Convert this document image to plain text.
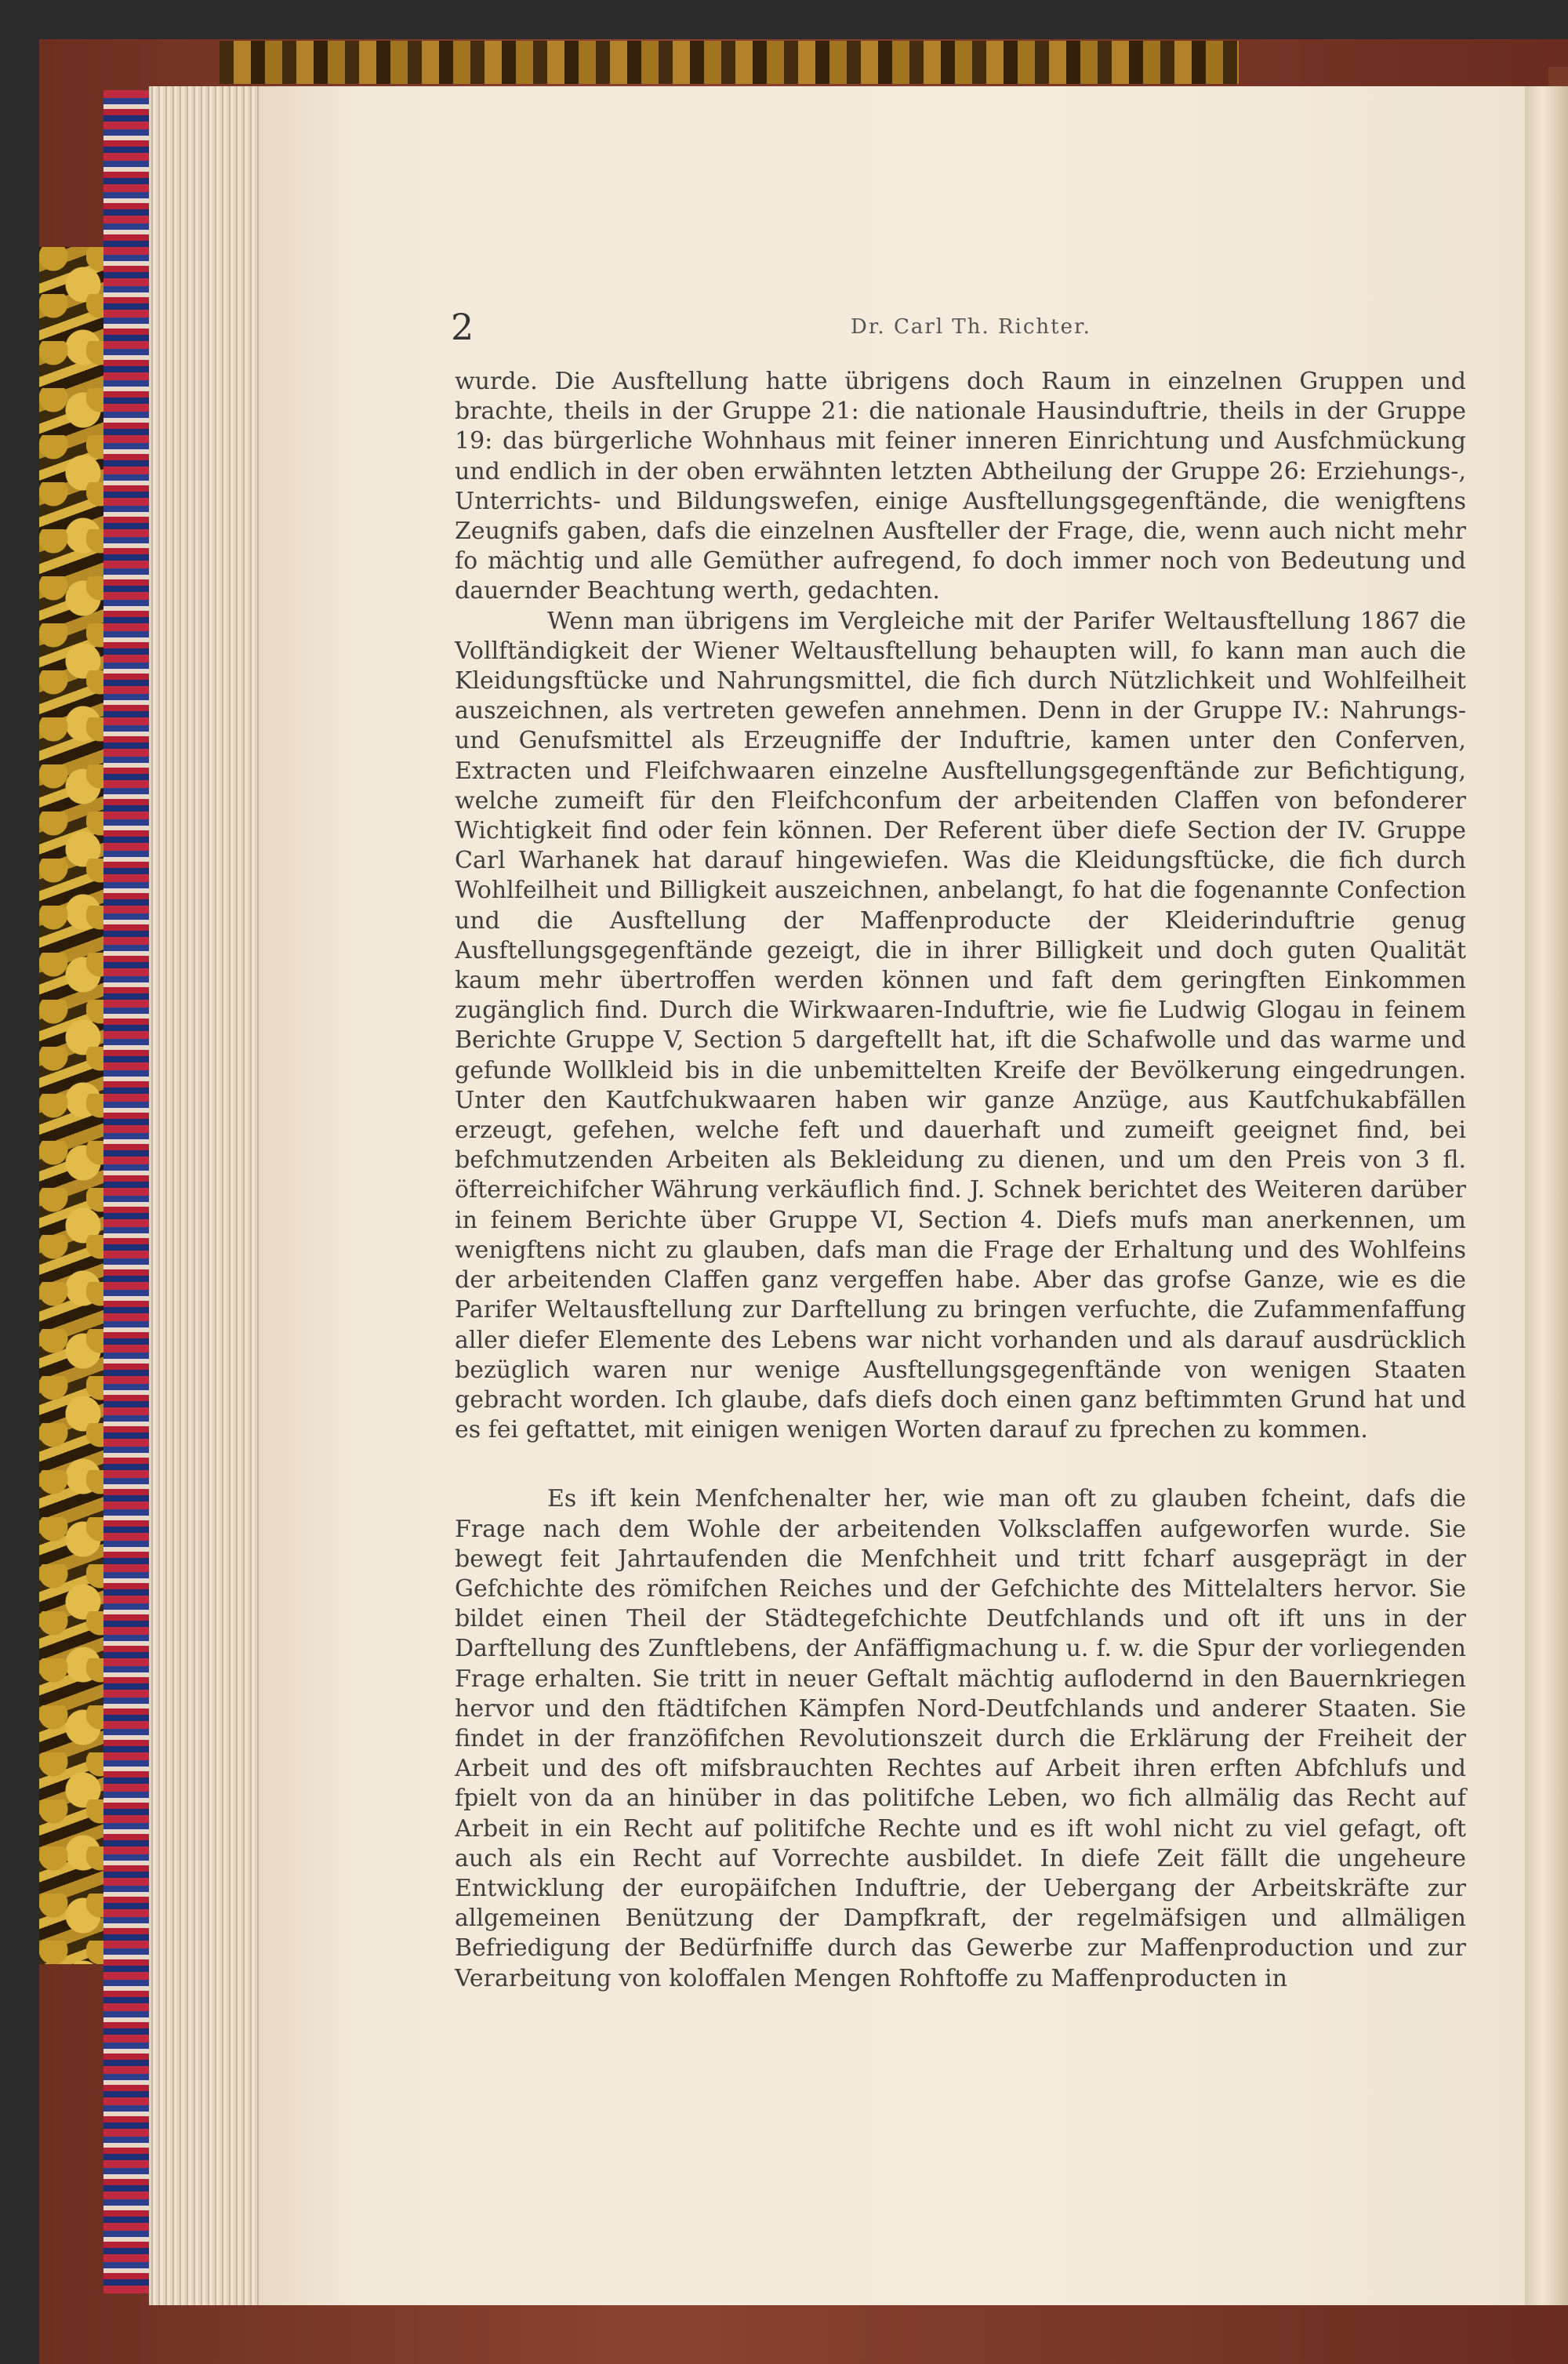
2	Dr. Carl Th. Richter.

wurde. Die Ausftellung hatte übrigens doch Raum in einzelnen Gruppen und brachte, theils in der Gruppe 21: die nationale Hausinduftrie, theils in der Gruppe 19: das bürgerliche Wohnhaus mit feiner inneren Einrichtung und Ausfchmückung und endlich in der oben erwähnten letzten Abtheilung der Gruppe 26: Erziehungs-, Unterrichts- und Bildungswefen, einige Ausftellungsgegenftände, die wenigftens Zeugnifs gaben, dafs die einzelnen Ausfteller der Frage, die, wenn auch nicht mehr fo mächtig und alle Gemüther aufregend, fo doch immer noch von Bedeutung und dauernder Beachtung werth, gedachten.

Wenn man übrigens im Vergleiche mit der Parifer Weltausftellung 1867 die Vollftändigkeit der Wiener Weltausftellung behaupten will, fo kann man auch die Kleidungsftücke und Nahrungsmittel, die fich durch Nützlichkeit und Wohlfeilheit auszeichnen, als vertreten gewefen annehmen. Denn in der Gruppe IV.: Nahrungs- und Genufsmittel als Erzeugniffe der Induftrie, kamen unter den Conferven, Extracten und Fleifchwaaren einzelne Ausftellungsgegenftände zur Befichtigung, welche zumeift für den Fleifchconfum der arbeitenden Claffen von befonderer Wichtigkeit find oder fein können. Der Referent über diefe Section der IV. Gruppe Carl Warhanek hat darauf hingewiefen. Was die Kleidungsftücke, die fich durch Wohlfeilheit und Billigkeit auszeichnen, anbelangt, fo hat die fogenannte Confection und die Ausftellung der Maffenproducte der Kleiderinduftrie genug Ausftellungsgegenftände gezeigt, die in ihrer Billigkeit und doch guten Qualität kaum mehr übertroffen werden können und faft dem geringften Einkommen zugänglich find. Durch die Wirkwaaren-Induftrie, wie fie Ludwig Glogau in feinem Berichte Gruppe V, Section 5 dargeftellt hat, ift die Schafwolle und das warme und gefunde Wollkleid bis in die unbemittelten Kreife der Bevölkerung eingedrungen. Unter den Kautfchukwaaren haben wir ganze Anzüge, aus Kautfchukabfällen erzeugt, gefehen, welche feft und dauerhaft und zumeift geeignet find, bei befchmutzenden Arbeiten als Bekleidung zu dienen, und um den Preis von 3 fl. öfterreichifcher Währung verkäuflich find. J. Schnek berichtet des Weiteren darüber in feinem Berichte über Gruppe VI, Section 4. Diefs mufs man anerkennen, um wenigftens nicht zu glauben, dafs man die Frage der Erhaltung und des Wohlfeins der arbeitenden Claffen ganz vergeffen habe. Aber das grofse Ganze, wie es die Parifer Weltausftellung zur Darftellung zu bringen verfuchte, die Zufammenfaffung aller diefer Elemente des Lebens war nicht vorhanden und als darauf ausdrücklich bezüglich waren nur wenige Ausftellungsgegenftände von wenigen Staaten gebracht worden. Ich glaube, dafs diefs doch einen ganz beftimmten Grund hat und es fei geftattet, mit einigen wenigen Worten darauf zu fprechen zu kommen.

Es ift kein Menfchenalter her, wie man oft zu glauben fcheint, dafs die Frage nach dem Wohle der arbeitenden Volksclaffen aufgeworfen wurde. Sie bewegt feit Jahrtaufenden die Menfchheit und tritt fcharf ausgeprägt in der Gefchichte des römifchen Reiches und der Gefchichte des Mittelalters hervor. Sie bildet einen Theil der Städtegefchichte Deutfchlands und oft ift uns in der Darftellung des Zunftlebens, der Anfäffigmachung u. f. w. die Spur der vorliegenden Frage erhalten. Sie tritt in neuer Geftalt mächtig auflodernd in den Bauernkriegen hervor und den ftädtifchen Kämpfen Nord-Deutfchlands und anderer Staaten. Sie findet in der franzöfifchen Revolutionszeit durch die Erklärung der Freiheit der Arbeit und des oft mifsbrauchten Rechtes auf Arbeit ihren erften Abfchlufs und fpielt von da an hinüber in das politifche Leben, wo fich allmälig das Recht auf Arbeit in ein Recht auf politifche Rechte und es ift wohl nicht zu viel gefagt, oft auch als ein Recht auf Vorrechte ausbildet. In diefe Zeit fällt die ungeheure Entwicklung der europäifchen Induftrie, der Uebergang der Arbeitskräfte zur allgemeinen Benützung der Dampfkraft, der regelmäfsigen und allmäligen Befriedigung der Bedürfniffe durch das Gewerbe zur Maffenproduction und zur Verarbeitung von koloffalen Mengen Rohftoffe zu Maffenproducten in
